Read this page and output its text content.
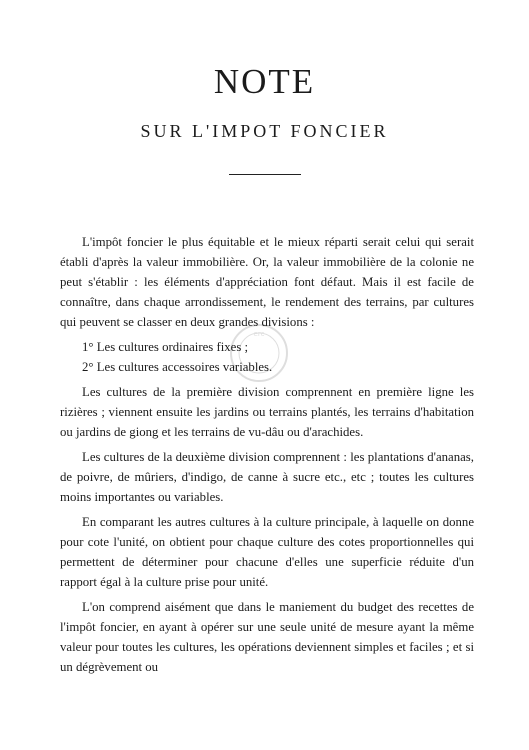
NOTE
SUR L'IMPOT FONCIER
erc

L'impôt foncier le plus équitable et le mieux réparti serait celui qui serait établi d'après la valeur immobilière. Or, la valeur immobilière de la colonie ne peut s'établir : les éléments d'appréciation font défaut. Mais il est facile de connaître, dans chaque arrondissement, le rendement des terrains, par cultures qui peuvent se classer en deux grandes divisions :

1° Les cultures ordinaires fixes ;

2° Les cultures accessoires variables.

Les cultures de la première division comprennent en première ligne les rizières ; viennent ensuite les jardins ou terrains plantés, les terrains d'habitation ou jardins de giong et les terrains de vu-dâu ou d'arachides.

Les cultures de la deuxième division comprennent : les plantations d'ananas, de poivre, de mûriers, d'indigo, de canne à sucre etc., etc ; toutes les cultures moins importantes ou variables.

En comparant les autres cultures à la culture principale, à laquelle on donne pour cote l'unité, on obtient pour chaque culture des cotes proportionnelles qui permettent de déterminer pour chacune d'elles une superficie réduite d'un rapport égal à la culture prise pour unité.

L'on comprend aisément que dans le maniement du budget des recettes de l'impôt foncier, en ayant à opérer sur une seule unité de mesure ayant la même valeur pour toutes les cultures, les opérations deviennent simples et faciles ; et si un dégrèvement ou
